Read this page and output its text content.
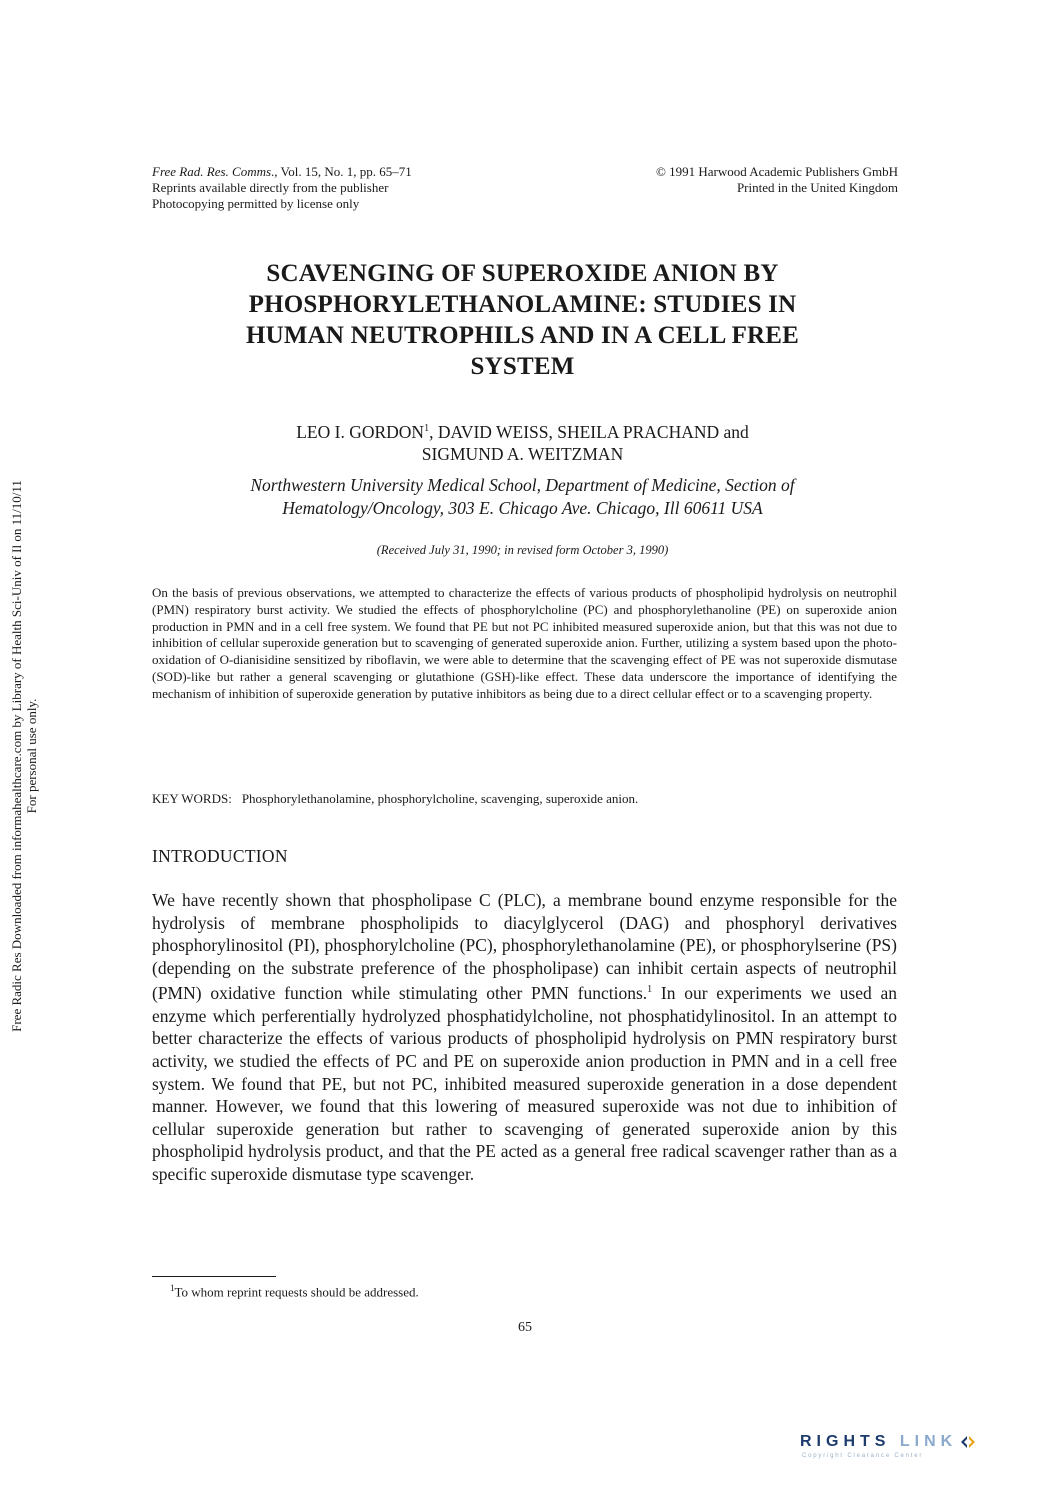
Free Rad. Res. Comms., Vol. 15, No. 1, pp. 65–71
Reprints available directly from the publisher
Photocopying permitted by license only
© 1991 Harwood Academic Publishers GmbH
Printed in the United Kingdom
SCAVENGING OF SUPEROXIDE ANION BY
PHOSPHORYLETHANOLAMINE: STUDIES IN
HUMAN NEUTROPHILS AND IN A CELL FREE
SYSTEM
LEO I. GORDON$^1$, DAVID WEISS, SHEILA PRACHAND and
SIGMUND A. WEITZMAN
Northwestern University Medical School, Department of Medicine, Section of
Hematology/Oncology, 303 E. Chicago Ave. Chicago, Ill 60611 USA
(Received July 31, 1990; in revised form October 3, 1990)

On the basis of previous observations, we attempted to characterize the effects of various products of phospholipid hydrolysis on neutrophil (PMN) respiratory burst activity. We studied the effects of phosphorylcholine (PC) and phosphorylethanoline (PE) on superoxide anion production in PMN and in a cell free system. We found that PE but not PC inhibited measured superoxide anion, but that this was not due to inhibition of cellular superoxide generation but to scavenging of generated superoxide anion. Further, utilizing a system based upon the photo-oxidation of O-dianisidine sensitized by riboflavin, we were able to determine that the scavenging effect of PE was not superoxide dismutase (SOD)-like but rather a general scavenging or glutathione (GSH)-like effect. These data underscore the importance of identifying the mechanism of inhibition of superoxide generation by putative inhibitors as being due to a direct cellular effect or to a scavenging property.

KEY WORDS: Phosphorylethanolamine, phosphorylcholine, scavenging, superoxide anion.
INTRODUCTION

We have recently shown that phospholipase C (PLC), a membrane bound enzyme responsible for the hydrolysis of membrane phospholipids to diacylglycerol (DAG) and phosphoryl derivatives phosphorylinositol (PI), phosphorylcholine (PC), phosphorylethanolamine (PE), or phosphorylserine (PS) (depending on the substrate preference of the phospholipase) can inhibit certain aspects of neutrophil (PMN) oxidative function while stimulating other PMN functions.$^1$ In our experiments we used an enzyme which perferentially hydrolyzed phosphatidylcholine, not phosphatidylinositol. In an attempt to better characterize the effects of various products of phospholipid hydrolysis on PMN respiratory burst activity, we studied the effects of PC and PE on superoxide anion production in PMN and in a cell free system. We found that PE, but not PC, inhibited measured superoxide generation in a dose dependent manner. However, we found that this lowering of measured superoxide was not due to inhibition of cellular superoxide generation but rather to scavenging of generated superoxide anion by this phospholipid hydrolysis product, and that the PE acted as a general free radical scavenger rather than as a specific superoxide dismutase type scavenger.

$^1$To whom reprint requests should be addressed.
65
Free Radic Res Downloaded from informahealthcare.com by Library of Health Sci-Univ of Il on 11/10/11 For personal use only.
RIGHTS LINK
Copyright Clearance Center
